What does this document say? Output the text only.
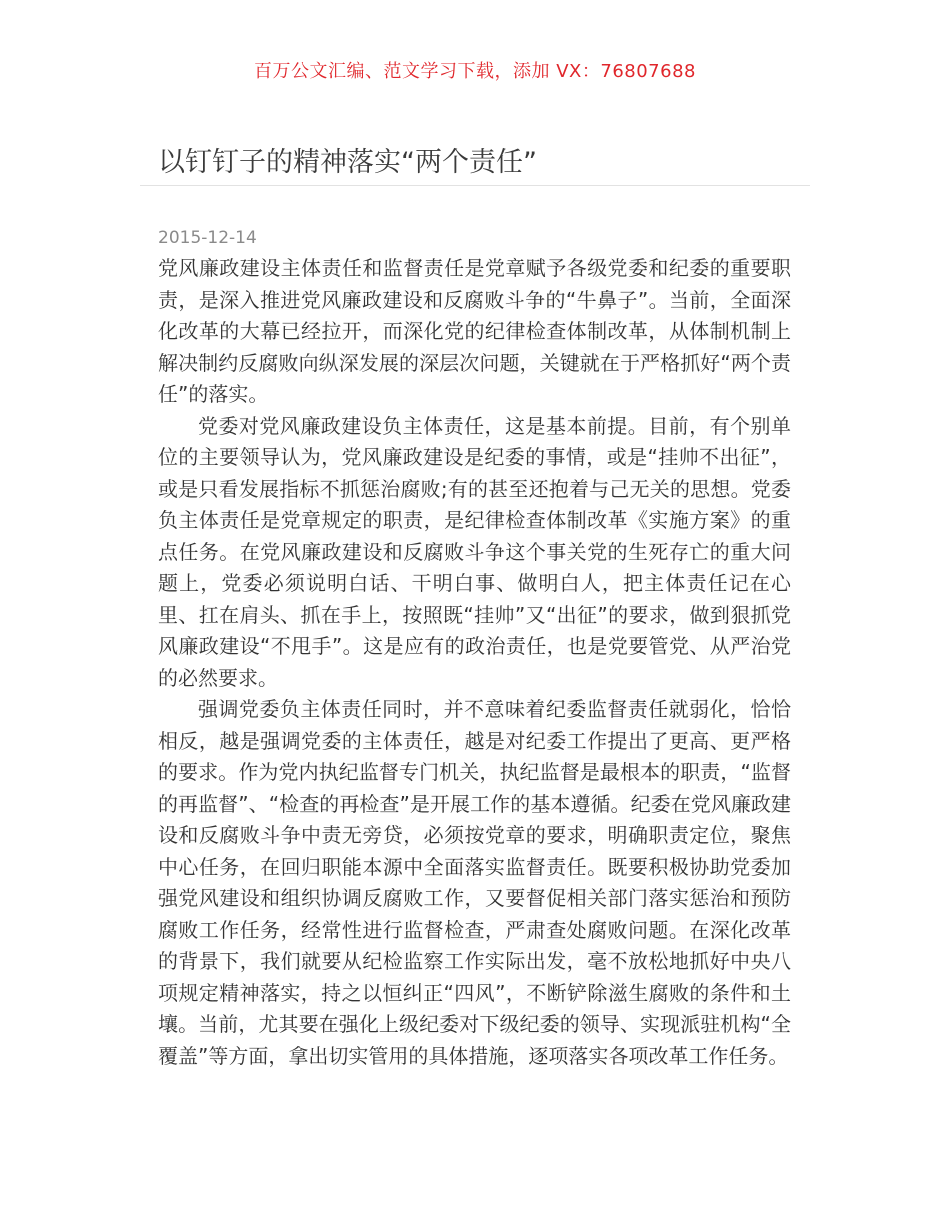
百万公文汇编、范文学习下载，添加 VX：76807688
以钉钉子的精神落实“两个责任”
2015-12-14

党风廉政建设主体责任和监督责任是党章赋予各级党委和纪委的重要职责，是深入推进党风廉政建设和反腐败斗争的“牛鼻子”。当前，全面深化改革的大幕已经拉开，而深化党的纪律检查体制改革，从体制机制上解决制约反腐败向纵深发展的深层次问题，关键就在于严格抓好“两个责任”的落实。

党委对党风廉政建设负主体责任，这是基本前提。目前，有个别单位的主要领导认为，党风廉政建设是纪委的事情，或是“挂帅不出征”，或是只看发展指标不抓惩治腐败;有的甚至还抱着与己无关的思想。党委负主体责任是党章规定的职责，是纪律检查体制改革《实施方案》的重点任务。在党风廉政建设和反腐败斗争这个事关党的生死存亡的重大问题上，党委必须说明白话、干明白事、做明白人，把主体责任记在心里、扛在肩头、抓在手上，按照既“挂帅”又“出征”的要求，做到狠抓党风廉政建设“不甩手”。这是应有的政治责任，也是党要管党、从严治党的必然要求。

强调党委负主体责任同时，并不意味着纪委监督责任就弱化，恰恰相反，越是强调党委的主体责任，越是对纪委工作提出了更高、更严格的要求。作为党内执纪监督专门机关，执纪监督是最根本的职责，“监督的再监督”、“检查的再检查”是开展工作的基本遵循。纪委在党风廉政建设和反腐败斗争中责无旁贷，必须按党章的要求，明确职责定位，聚焦中心任务，在回归职能本源中全面落实监督责任。既要积极协助党委加强党风建设和组织协调反腐败工作，又要督促相关部门落实惩治和预防腐败工作任务，经常性进行监督检查，严肃查处腐败问题。在深化改革的背景下，我们就要从纪检监察工作实际出发，毫不放松地抓好中央八项规定精神落实，持之以恒纠正“四风”，不断铲除滋生腐败的条件和土壤。当前，尤其要在强化上级纪委对下级纪委的领导、实现派驻机构“全覆盖”等方面，拿出切实管用的具体措施，逐项落实各项改革工作任务。
